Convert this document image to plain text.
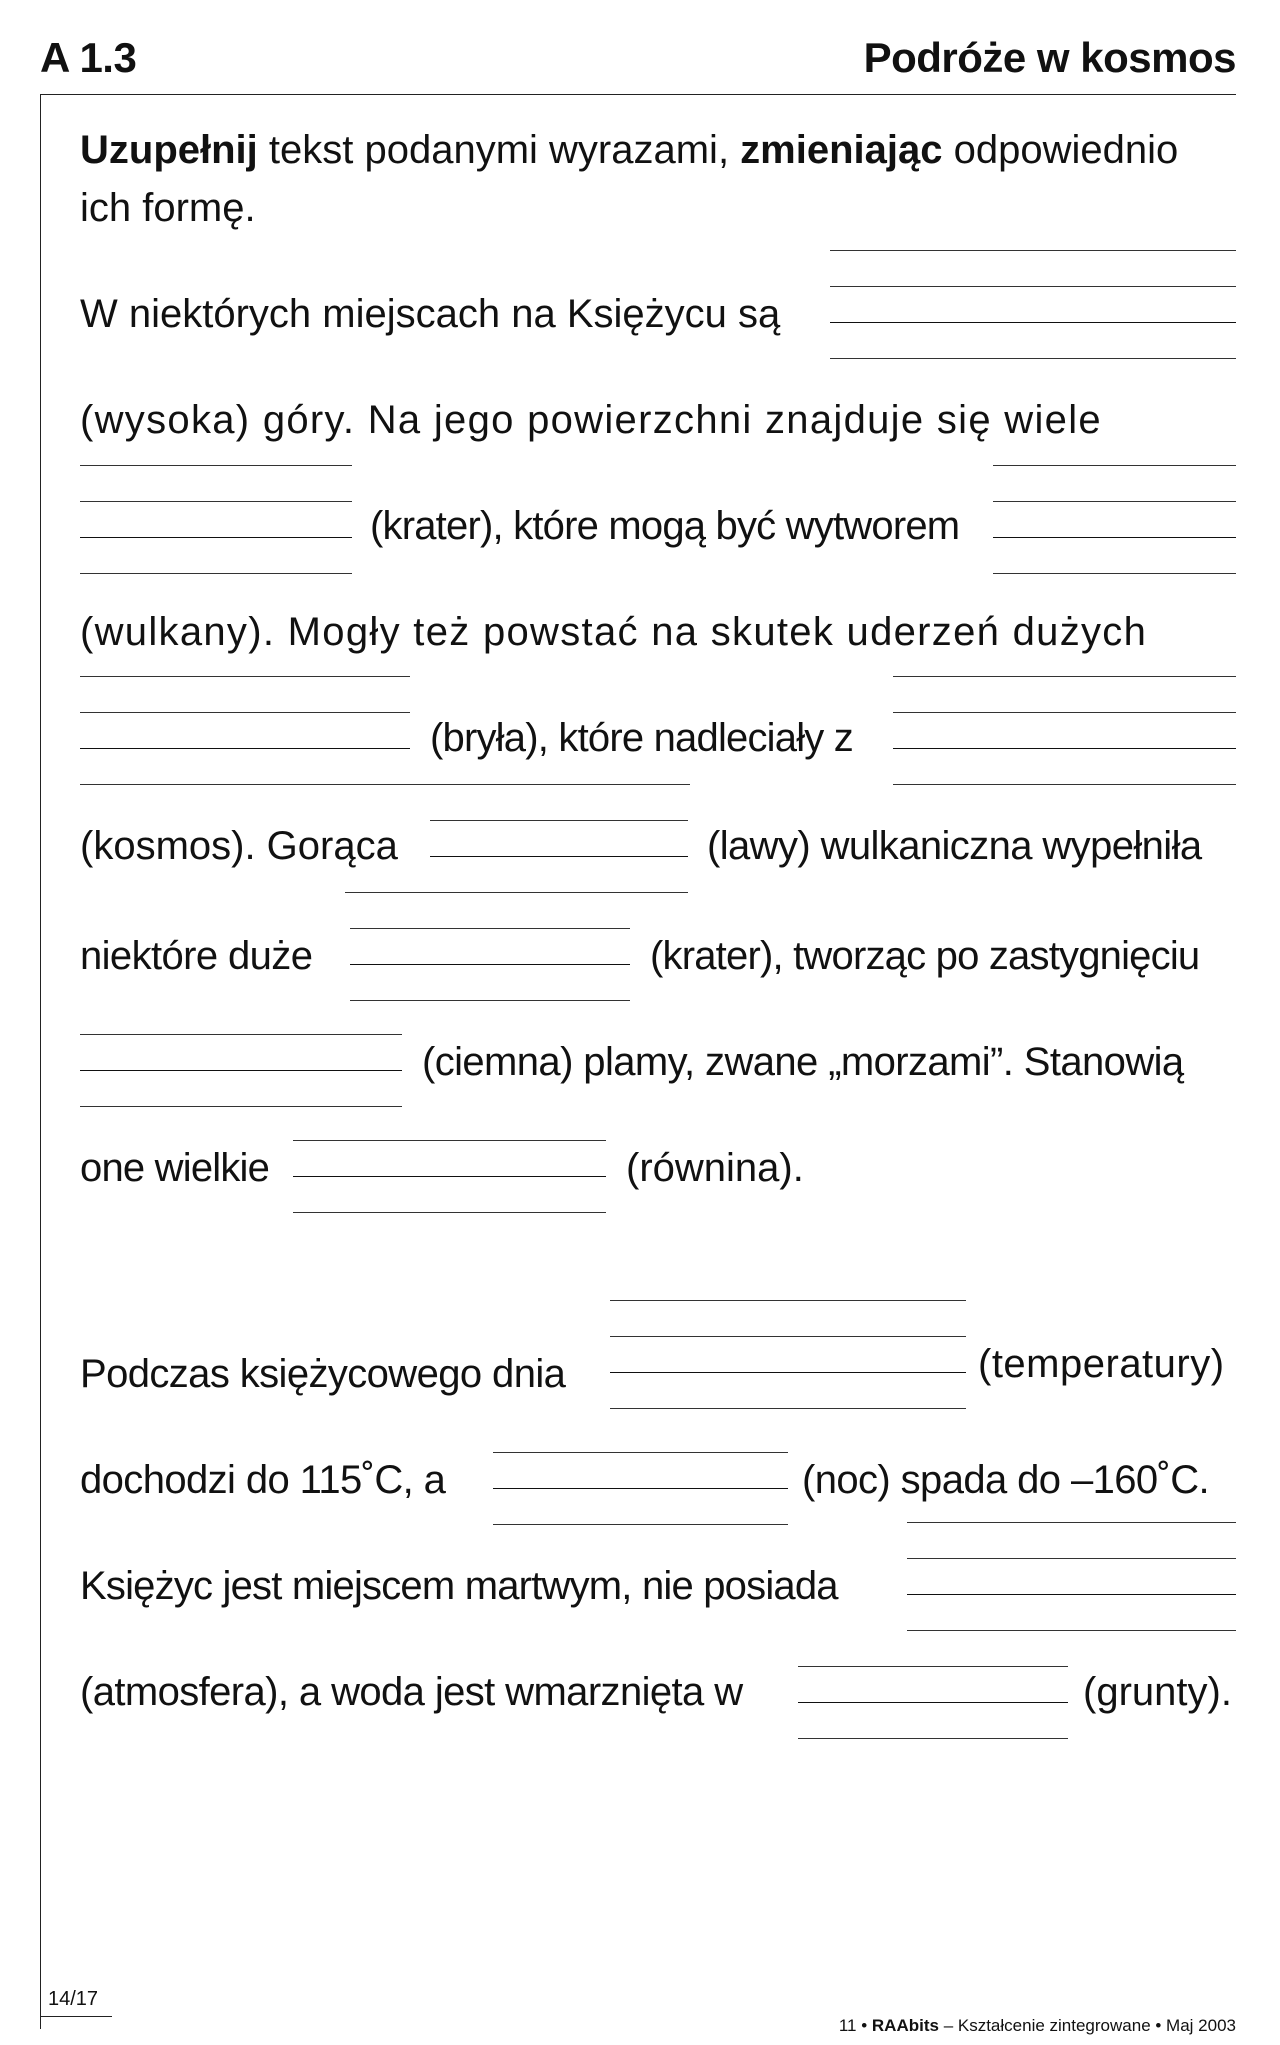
A 1.3	Podróże w kosmos
Uzupełnij tekst podanymi wyrazami, zmieniając odpowiednio
ich formę.
W niektórych miejscach na Księżycu są
(wysoka) góry. Na jego powierzchni znajduje się wiele
(krater), które mogą być wytworem
(wulkany). Mogły też powstać na skutek uderzeń dużych
(bryła), które nadleciały z
(kosmos). Gorąca	(lawy) wulkaniczna wypełniła
niektóre duże	(krater), tworząc po zastygnięciu
(ciemna) plamy, zwane „morzami”. Stanowią
one wielkie	(równina).
Podczas księżycowego dnia	(temperatury)
dochodzi do 115˚C, a	(noc) spada do –160˚C.
Księżyc jest miejscem martwym, nie posiada
(atmosfera), a woda jest wmarznięta w	(grunty).
14/17
11 • RAAbits – Kształcenie zintegrowane • Maj 2003
